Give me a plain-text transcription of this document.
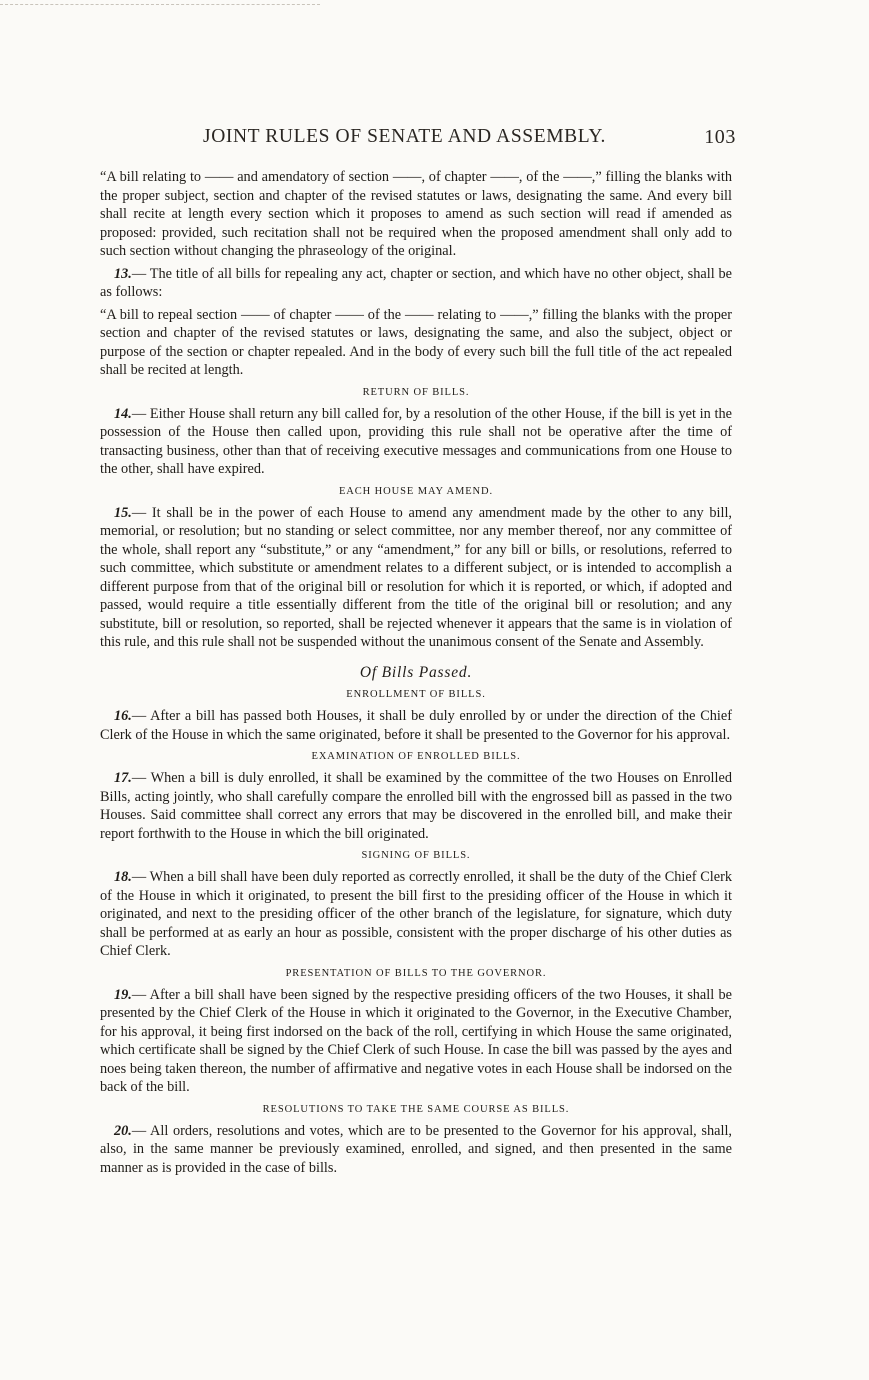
JOINT RULES OF SENATE AND ASSEMBLY.	103

“A bill relating to —— and amendatory of section ——, of chapter ——, of the ——,” filling the blanks with the proper subject, section and chapter of the revised statutes or laws, designating the same. And every bill shall recite at length every section which it proposes to amend as such section will read if amended as proposed: provided, such recitation shall not be required when the proposed amendment shall only add to such section without changing the phraseology of the original.

13.— The title of all bills for repealing any act, chapter or section, and which have no other object, shall be as follows:

“A bill to repeal section —— of chapter —— of the —— relating to ——,” filling the blanks with the proper section and chapter of the revised statutes or laws, designating the same, and also the subject, object or purpose of the section or chapter repealed. And in the body of every such bill the full title of the act repealed shall be recited at length.

RETURN OF BILLS.

14.— Either House shall return any bill called for, by a resolution of the other House, if the bill is yet in the possession of the House then called upon, providing this rule shall not be operative after the time of transacting business, other than that of receiving executive messages and communications from one House to the other, shall have expired.

EACH HOUSE MAY AMEND.

15.— It shall be in the power of each House to amend any amendment made by the other to any bill, memorial, or resolution; but no standing or select committee, nor any member thereof, nor any committee of the whole, shall report any “substitute,” or any “amendment,” for any bill or bills, or resolutions, referred to such committee, which substitute or amendment relates to a different subject, or is intended to accomplish a different purpose from that of the original bill or resolution for which it is reported, or which, if adopted and passed, would require a title essentially different from the title of the original bill or resolution; and any substitute, bill or resolution, so reported, shall be rejected whenever it appears that the same is in violation of this rule, and this rule shall not be suspended without the unanimous consent of the Senate and Assembly.

Of Bills Passed.
ENROLLMENT OF BILLS.

16.— After a bill has passed both Houses, it shall be duly enrolled by or under the direction of the Chief Clerk of the House in which the same originated, before it shall be presented to the Governor for his approval.

EXAMINATION OF ENROLLED BILLS.

17.— When a bill is duly enrolled, it shall be examined by the committee of the two Houses on Enrolled Bills, acting jointly, who shall carefully compare the enrolled bill with the engrossed bill as passed in the two Houses. Said committee shall correct any errors that may be discovered in the enrolled bill, and make their report forthwith to the House in which the bill originated.

SIGNING OF BILLS.

18.— When a bill shall have been duly reported as correctly enrolled, it shall be the duty of the Chief Clerk of the House in which it originated, to present the bill first to the presiding officer of the House in which it originated, and next to the presiding officer of the other branch of the legislature, for signature, which duty shall be performed at as early an hour as possible, consistent with the proper discharge of his other duties as Chief Clerk.

PRESENTATION OF BILLS TO THE GOVERNOR.

19.— After a bill shall have been signed by the respective presiding officers of the two Houses, it shall be presented by the Chief Clerk of the House in which it originated to the Governor, in the Executive Chamber, for his approval, it being first indorsed on the back of the roll, certifying in which House the same originated, which certificate shall be signed by the Chief Clerk of such House. In case the bill was passed by the ayes and noes being taken thereon, the number of affirmative and negative votes in each House shall be indorsed on the back of the bill.

RESOLUTIONS TO TAKE THE SAME COURSE AS BILLS.

20.— All orders, resolutions and votes, which are to be presented to the Governor for his approval, shall, also, in the same manner be previously examined, enrolled, and signed, and then presented in the same manner as is provided in the case of bills.
